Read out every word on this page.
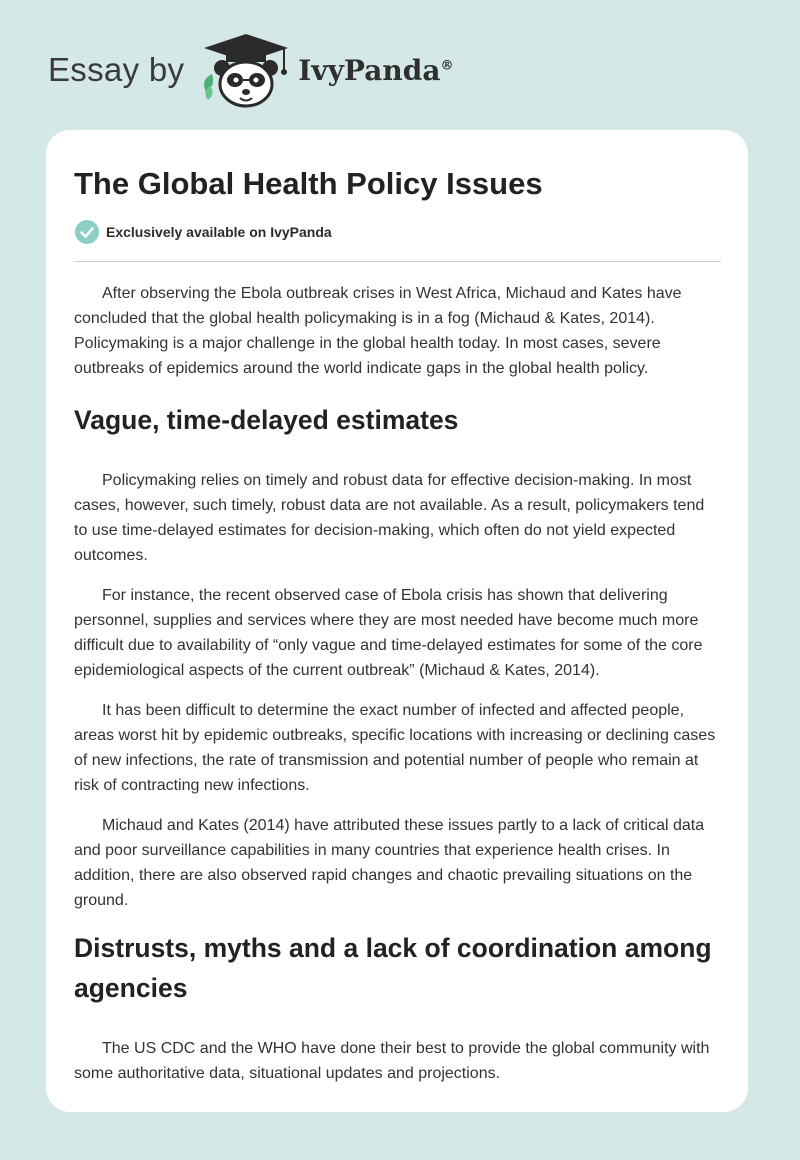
Essay by	IvyPanda®
The Global Health Policy Issues
Exclusively available on IvyPanda

After observing the Ebola outbreak crises in West Africa, Michaud and Kates have concluded that the global health policymaking is in a fog (Michaud & Kates, 2014). Policymaking is a major challenge in the global health today. In most cases, severe outbreaks of epidemics around the world indicate gaps in the global health policy.

Vague, time-delayed estimates

Policymaking relies on timely and robust data for effective decision-making. In most cases, however, such timely, robust data are not available. As a result, policymakers tend to use time-delayed estimates for decision-making, which often do not yield expected outcomes.

For instance, the recent observed case of Ebola crisis has shown that delivering personnel, supplies and services where they are most needed have become much more difficult due to availability of “only vague and time-delayed estimates for some of the core epidemiological aspects of the current outbreak” (Michaud & Kates, 2014).

It has been difficult to determine the exact number of infected and affected people, areas worst hit by epidemic outbreaks, specific locations with increasing or declining cases of new infections, the rate of transmission and potential number of people who remain at risk of contracting new infections.

Michaud and Kates (2014) have attributed these issues partly to a lack of critical data and poor surveillance capabilities in many countries that experience health crises. In addition, there are also observed rapid changes and chaotic prevailing situations on the ground.

Distrusts, myths and a lack of coordination among agencies

The US CDC and the WHO have done their best to provide the global community with some authoritative data, situational updates and projections.
